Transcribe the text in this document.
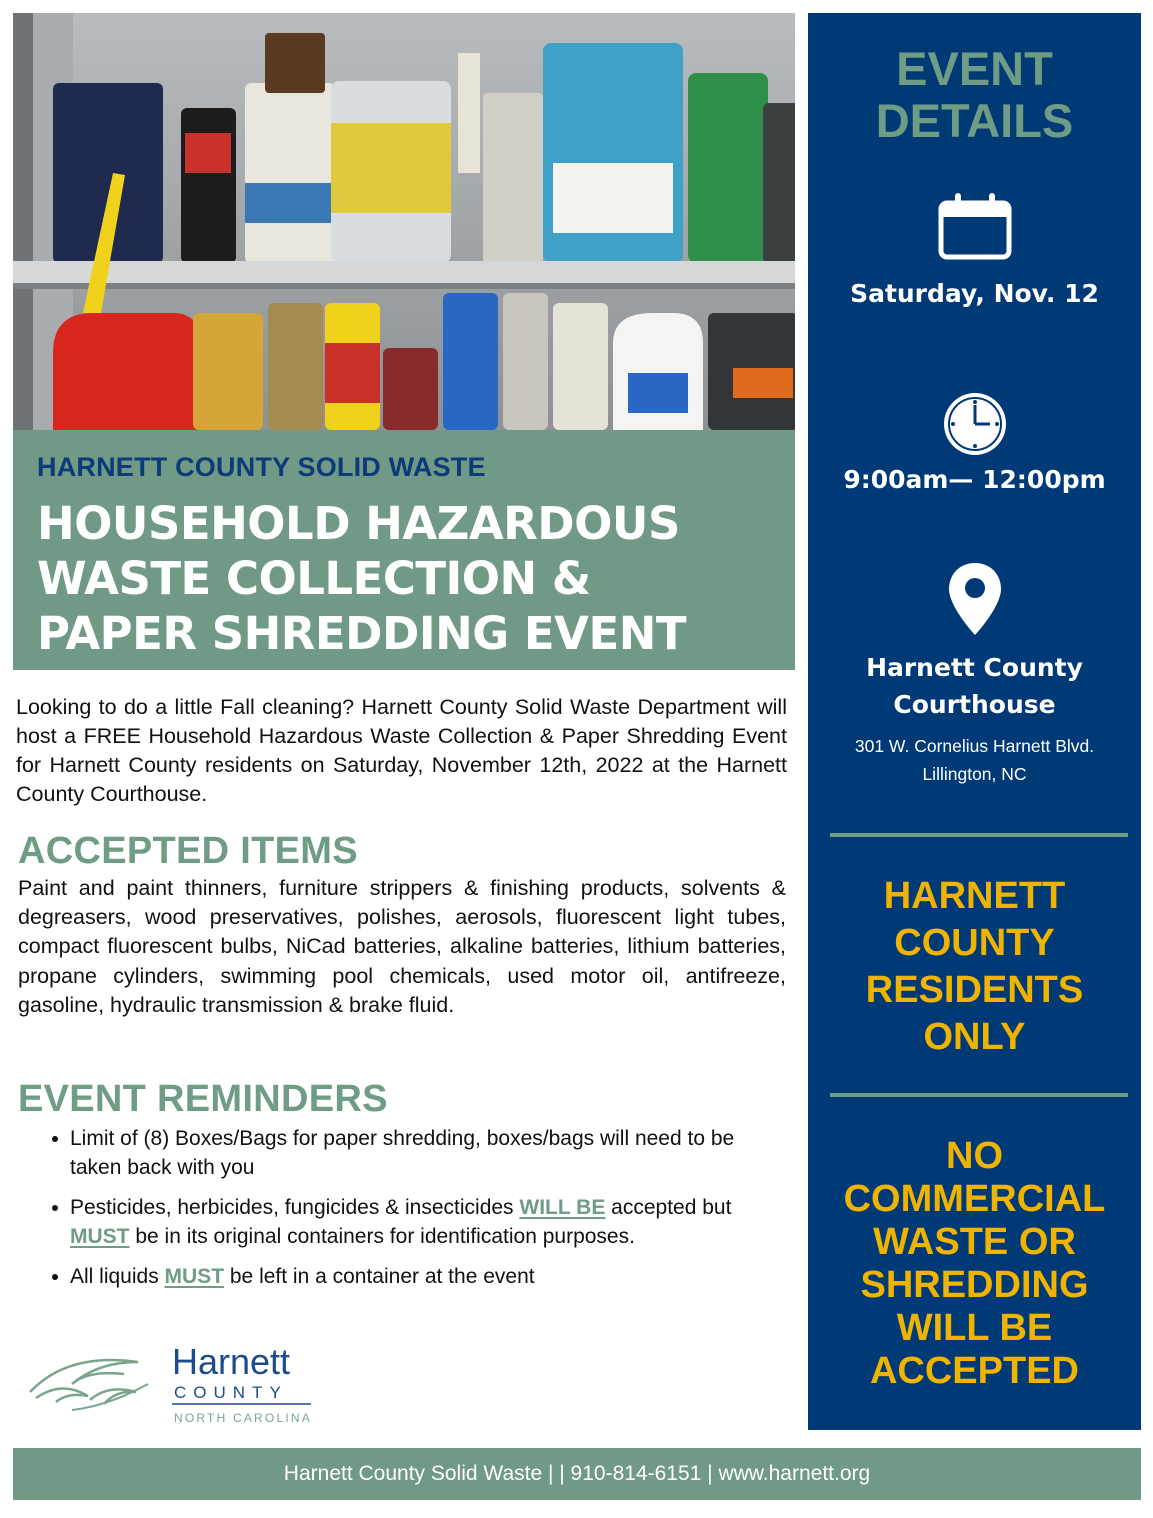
HARNETT COUNTY SOLID WASTE
HOUSEHOLD HAZARDOUS
WASTE COLLECTION &
PAPER SHREDDING EVENT
Looking to do a little Fall cleaning? Harnett County Solid Waste Department will host a FREE Household Hazardous Waste Collection & Paper Shredding Event for Harnett County residents on Saturday, November 12th, 2022 at the Harnett County Courthouse.
ACCEPTED ITEMS
Paint and paint thinners, furniture strippers & finishing products, solvents & degreasers, wood preservatives, polishes, aerosols, fluorescent light tubes, compact fluorescent bulbs, NiCad batteries, alkaline batteries, lithium batteries, propane cylinders, swimming pool chemicals, used motor oil, antifreeze, gasoline, hydraulic transmission & brake fluid.
EVENT REMINDERS
Limit of (8) Boxes/Bags for paper shredding, boxes/bags will need to be taken back with you
Pesticides, herbicides, fungicides & insecticides WILL BE accepted but MUST be in its original containers for identification purposes.
All liquids MUST be left in a container at the event
Harnett
COUNTY
NORTH CAROLINA
EVENT
DETAILS
Saturday, Nov. 12
9:00am— 12:00pm
Harnett County
Courthouse
301 W. Cornelius Harnett Blvd.
Lillington, NC
HARNETT
COUNTY
RESIDENTS
ONLY
NO
COMMERCIAL
WASTE OR
SHREDDING
WILL BE
ACCEPTED
Harnett County Solid Waste | | 910-814-6151 | www.harnett.org
